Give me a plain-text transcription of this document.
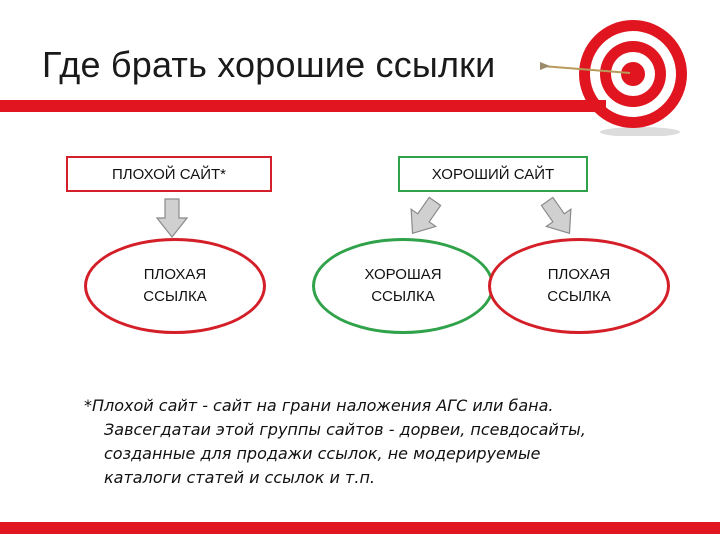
Где брать хорошие ссылки
ПЛОХОЙ САЙТ*	ХОРОШИЙ САЙТ
ПЛОХАЯ
ССЫЛКА
ХОРОШАЯ
ССЫЛКА
ПЛОХАЯ
ССЫЛКА
*Плохой сайт - сайт на грани наложения АГС или бана.
Завсегдатаи этой группы сайтов - дорвеи, псевдосайты,
созданные для продажи ссылок, не модерируемые
каталоги статей и ссылок и т.п.
